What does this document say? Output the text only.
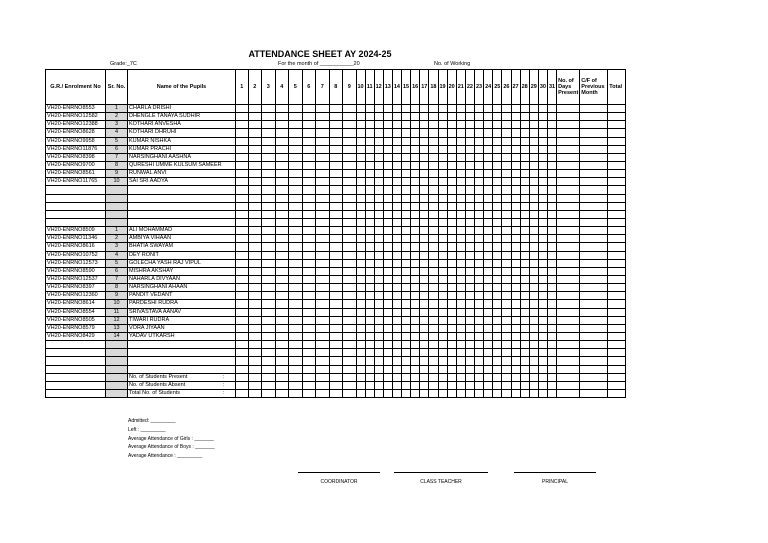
ATTENDANCE SHEET AY 2024-25
Grade:_7C	For the month of ___________20	No. of Working
G.R./ Enrolment No	Sr. No.	Name of the Pupils	1	2	3	4	5	6	7	8	9	10	11	12	13	14	15	16	17	18	19	20	21	22	23	24	25	26	27	28	29	30	31	No. of Days Present	C/F of Previous Month	Total
VH20-ENRNO8553	1	CHARLA DRISHI																																		
VH20-ENRNO12582	2	DHENGLE TANAYA SUDHIR																																		
VH20-ENRNO12388	3	KOTHARI ANVESHA																																		
VH20-ENRNO8628	4	KOTHARI DHRUHI																																		
VH20-ENRNO9958	5	KUMAR NISHKA																																		
VH20-ENRNO11876	6	KUMAR PRACHI																																		
VH20-ENRNO8398	7	NARSINGHANI AASHNA																																		
VH20-ENRNO9700	8	QURESHI UMME KULSUM SAMEER																																		
VH20-ENRNO8561	9	RUNWAL ANVI																																		
VH20-ENRNO11765	10	SAI SRI AADYA																																		

VH20-ENRNO8509	1	ALI MOHAMMAD																																		
VH20-ENRNO11346	2	AMBIYA VIHAAN																																		
VH20-ENRNO8616	3	BHATIA SWAYAM																																		
VH20-ENRNO10752	4	DEY RONIT																																		
VH20-ENRNO12573	5	GOLECHA YASH RAJ VIPUL																																		
VH20-ENRNO8590	6	MISHRA AKSHAY																																		
VH20-ENRNO12537	7	NAHARLA DIVYAAN																																		
VH20-ENRNO8397	8	NARSINGHANI AHAAN																																		
VH20-ENRNO12360	9	PANDIT VEDANT																																		
VH20-ENRNO8614	10	PARDESHI RUDRA																																		
VH20-ENRNO8554	11	SRIVASTAVA AANAV																																		
VH20-ENRNO8505	12	TIWARI RUDRA																																		
VH20-ENRNO8579	13	VORA JIYAAN																																		
VH20-ENRNO8429	14	YADAV UTKARSH																																		

		No. of Students Present :																																		

		No. of Students Absent :																																		

		Total No. of Students :																																		

Admitted: _________
Left : _________
Average Attendance of Girls : _______
Average Attendance of Boys : _______
Average Attendance : _________
COORDINATOR	CLASS TEACHER	PRINCIPAL
